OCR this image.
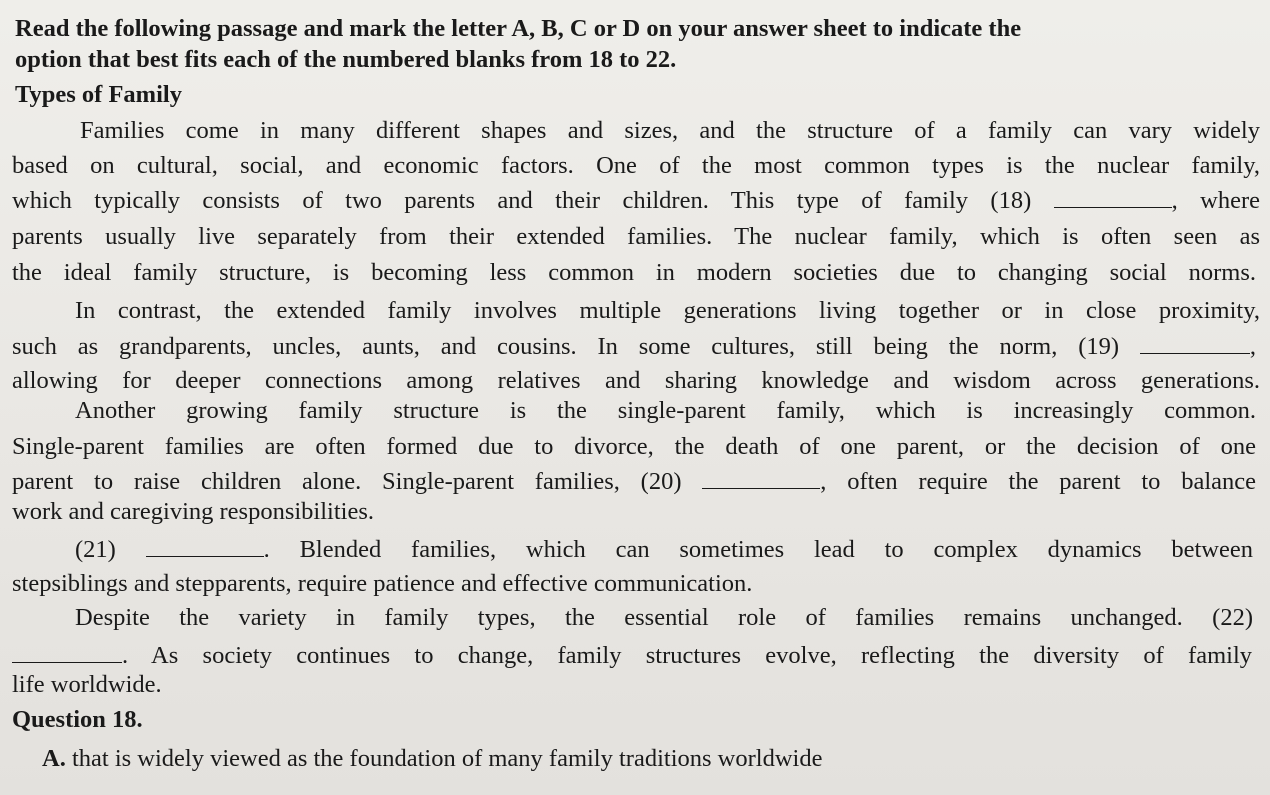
Read the following passage and mark the letter A, B, C or D on your answer sheet to indicate the

option that best fits each of the numbered blanks from 18 to 22.

Types of Family

Families come in many different shapes and sizes, and the structure of a family can vary widely

based on cultural, social, and economic factors. One of the most common types is the nuclear family,

which typically consists of two parents and their children. This type of family (18)	, where

parents usually live separately from their extended families. The nuclear family, which is often seen as

the ideal family structure, is becoming less common in modern societies due to changing social norms.

In contrast, the extended family involves multiple generations living together or in close proximity,

such as grandparents, uncles, aunts, and cousins. In some cultures, still being the norm, (19)	,

allowing for deeper connections among relatives and sharing knowledge and wisdom across generations.

Another growing family structure is the single-parent family, which is increasingly common.

Single-parent families are often formed due to divorce, the death of one parent, or the decision of one

parent to raise children alone. Single-parent families, (20)	, often require the parent to balance

work and caregiving responsibilities.

(21)	. Blended families, which can sometimes lead to complex dynamics between

stepsiblings and stepparents, require patience and effective communication.

Despite the variety in family types, the essential role of families remains unchanged. (22)

. As society continues to change, family structures evolve, reflecting the diversity of family

life worldwide.

Question 18.

A. that is widely viewed as the foundation of many family traditions worldwide
